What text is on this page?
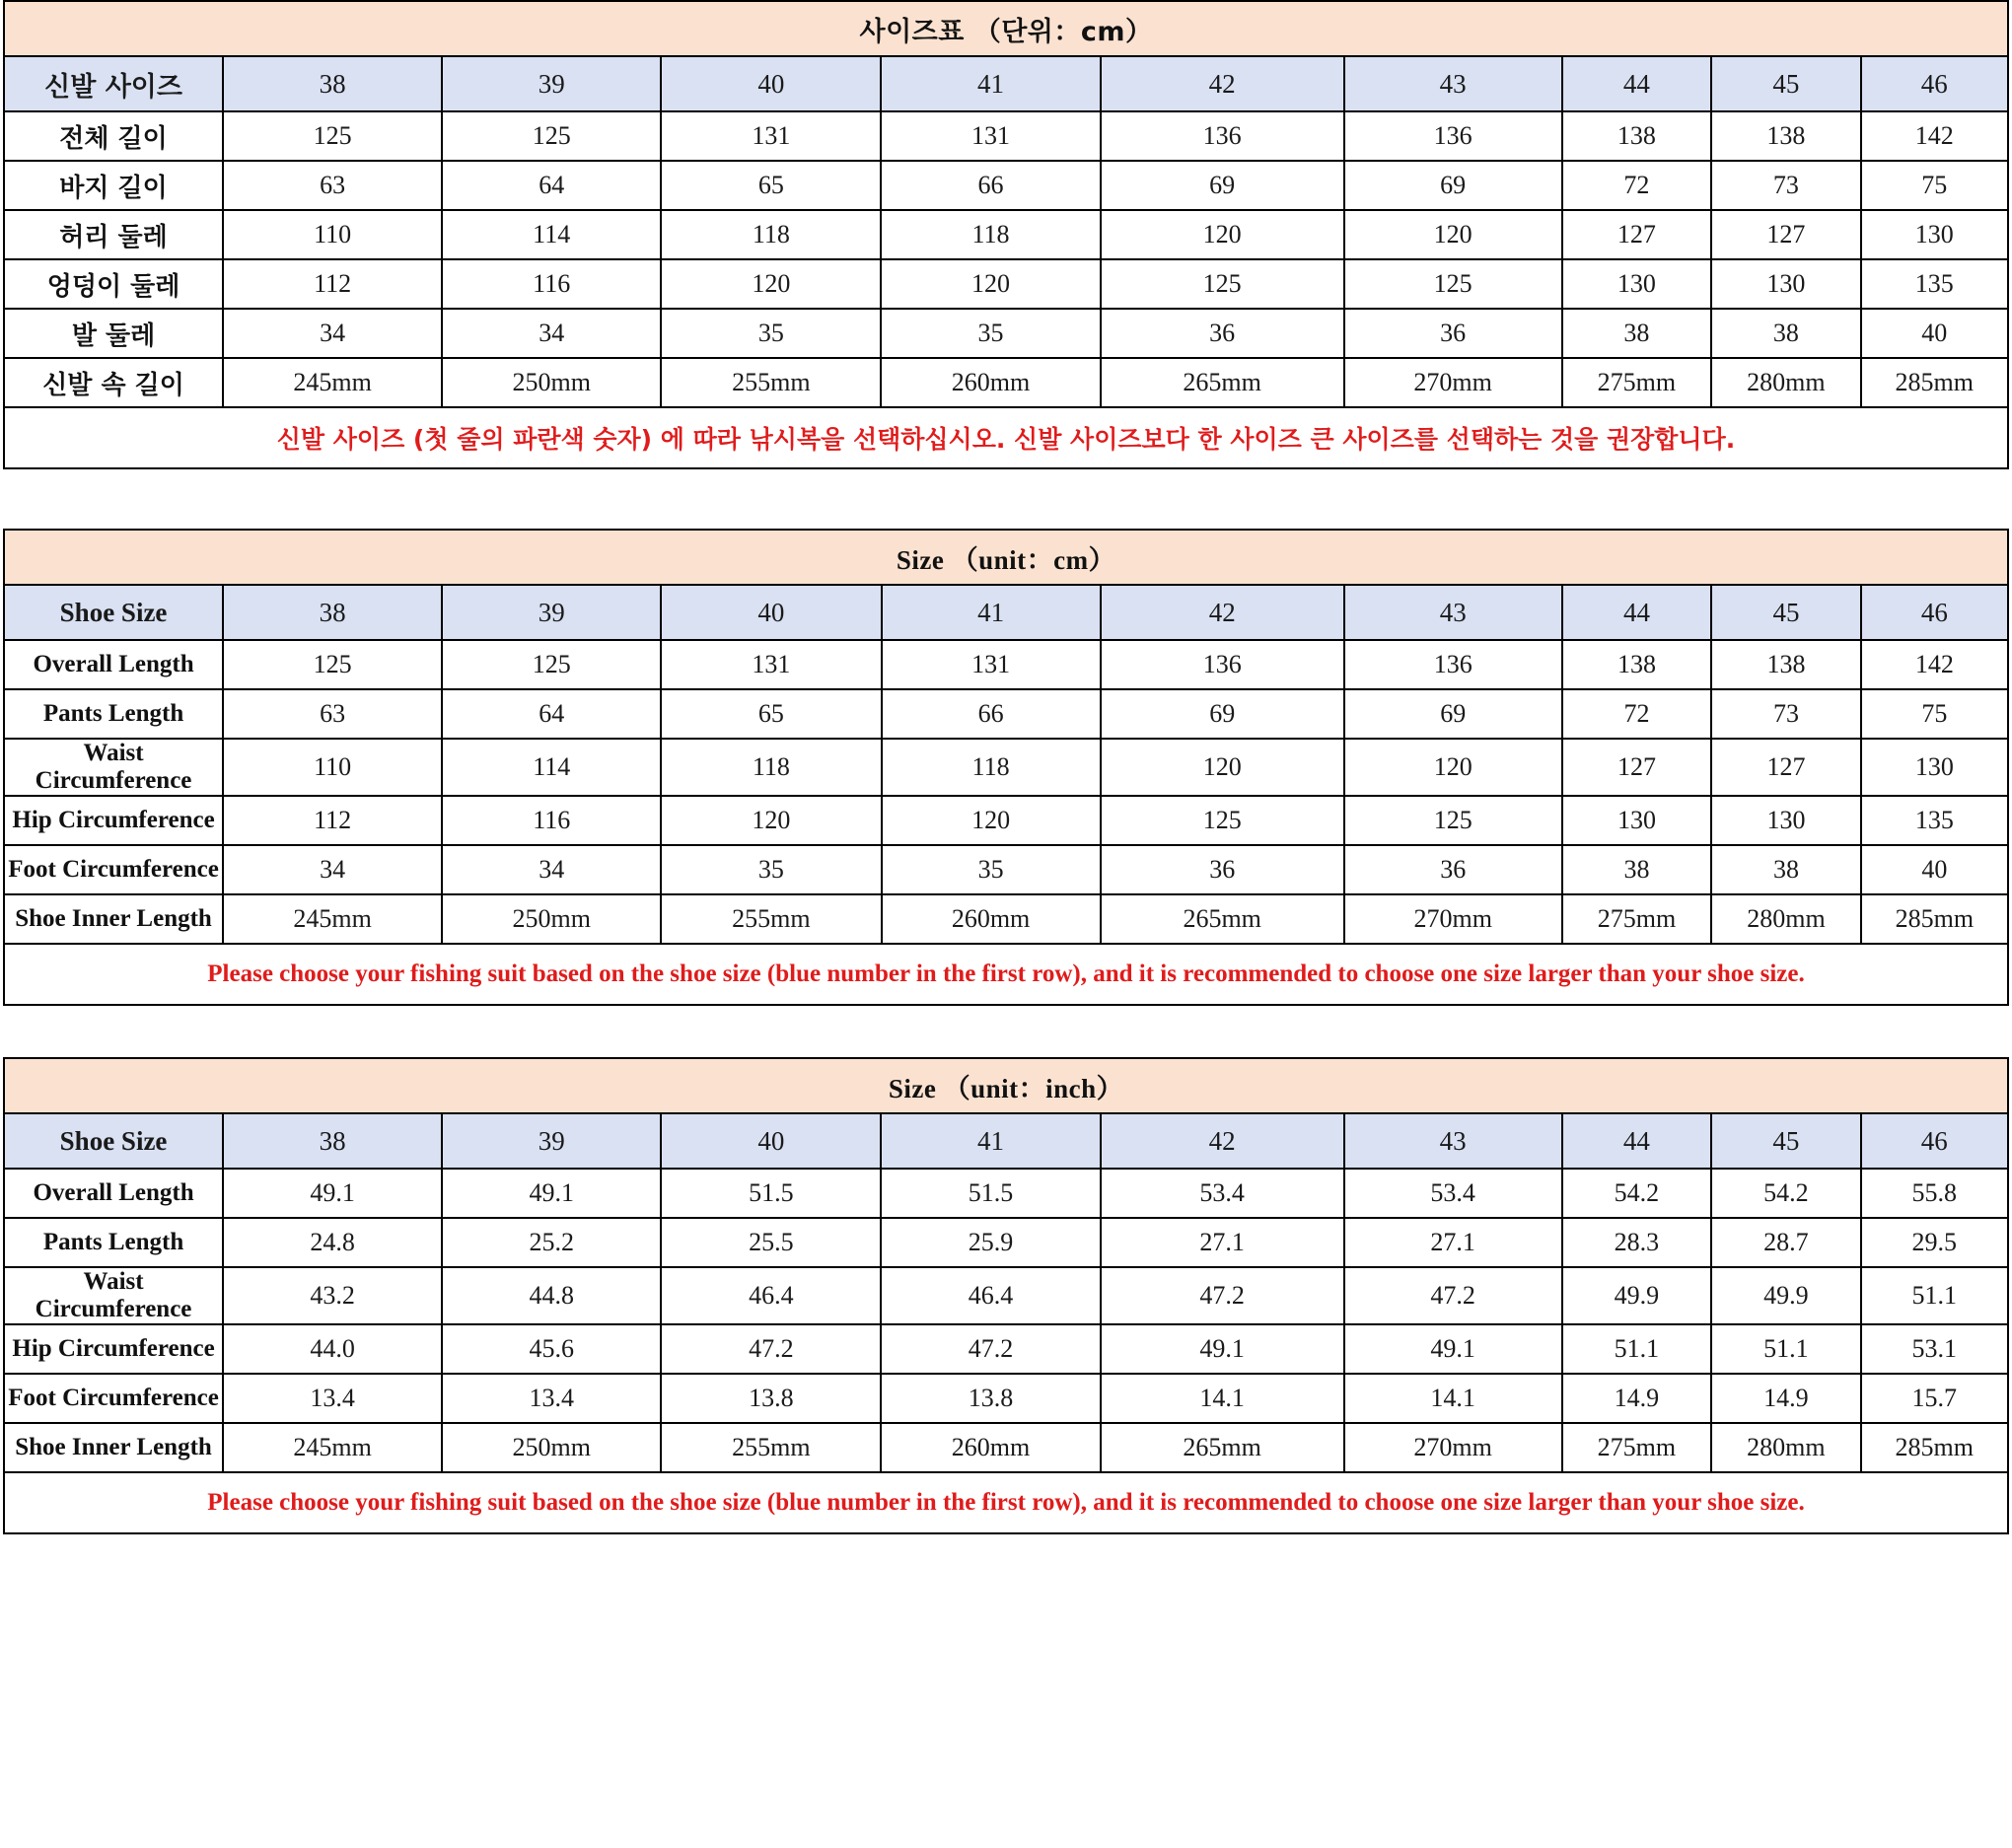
사이즈표 （단위：cm）									
신발 사이즈	38	39	40	41	42	43	44	45	46
전체 길이	125	125	131	131	136	136	138	138	142
바지 길이	63	64	65	66	69	69	72	73	75
허리 둘레	110	114	118	118	120	120	127	127	130
엉덩이 둘레	112	116	120	120	125	125	130	130	135
발 둘레	34	34	35	35	36	36	38	38	40
신발 속 길이	245mm	250mm	255mm	260mm	265mm	270mm	275mm	280mm	285mm
신발 사이즈 (첫 줄의 파란색 숫자) 에 따라 낚시복을 선택하십시오. 신발 사이즈보다 한 사이즈 큰 사이즈를 선택하는 것을 권장합니다.									
Size （unit：cm）									
Shoe Size	38	39	40	41	42	43	44	45	46
Overall Length	125	125	131	131	136	136	138	138	142
Pants Length	63	64	65	66	69	69	72	73	75
Waist Circumference	110	114	118	118	120	120	127	127	130
Hip Circumference	112	116	120	120	125	125	130	130	135
Foot Circumference	34	34	35	35	36	36	38	38	40
Shoe Inner Length	245mm	250mm	255mm	260mm	265mm	270mm	275mm	280mm	285mm
Please choose your fishing suit based on the shoe size (blue number in the first row), and it is recommended to choose one size larger than your shoe size.									
Size （unit：inch）									
Shoe Size	38	39	40	41	42	43	44	45	46
Overall Length	49.1	49.1	51.5	51.5	53.4	53.4	54.2	54.2	55.8
Pants Length	24.8	25.2	25.5	25.9	27.1	27.1	28.3	28.7	29.5
Waist Circumference	43.2	44.8	46.4	46.4	47.2	47.2	49.9	49.9	51.1
Hip Circumference	44.0	45.6	47.2	47.2	49.1	49.1	51.1	51.1	53.1
Foot Circumference	13.4	13.4	13.8	13.8	14.1	14.1	14.9	14.9	15.7
Shoe Inner Length	245mm	250mm	255mm	260mm	265mm	270mm	275mm	280mm	285mm
Please choose your fishing suit based on the shoe size (blue number in the first row), and it is recommended to choose one size larger than your shoe size.									
